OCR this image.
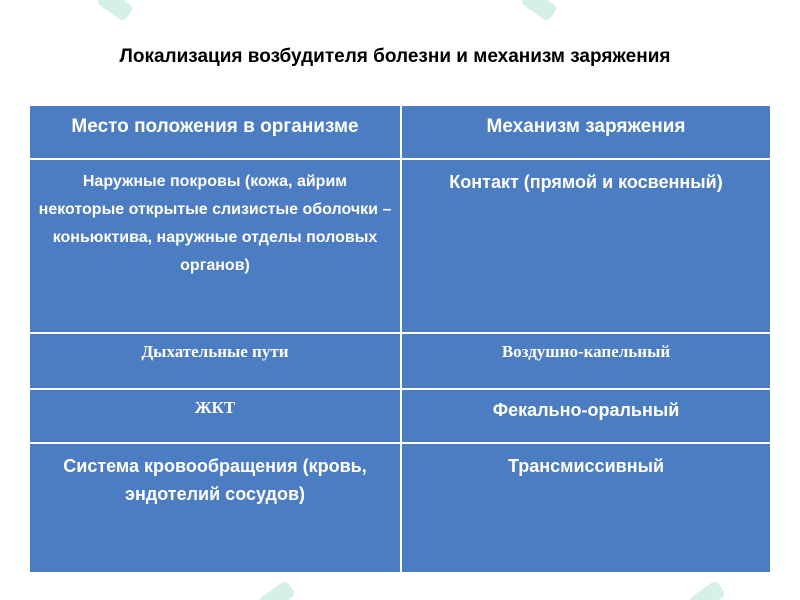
Локализация возбудителя болезни и механизм заряжения
Место положения в организме	Механизм заряжения
Наружные покровы (кожа, айрим некоторые открытые слизистые оболочки – коньюктива, наружные отделы половых органов)	Контакт (прямой и косвенный)
Дыхательные пути	Воздушно-капельный
ЖКТ	Фекально-оральный
Система кровообращения (кровь, эндотелий сосудов)	Трансмиссивный
